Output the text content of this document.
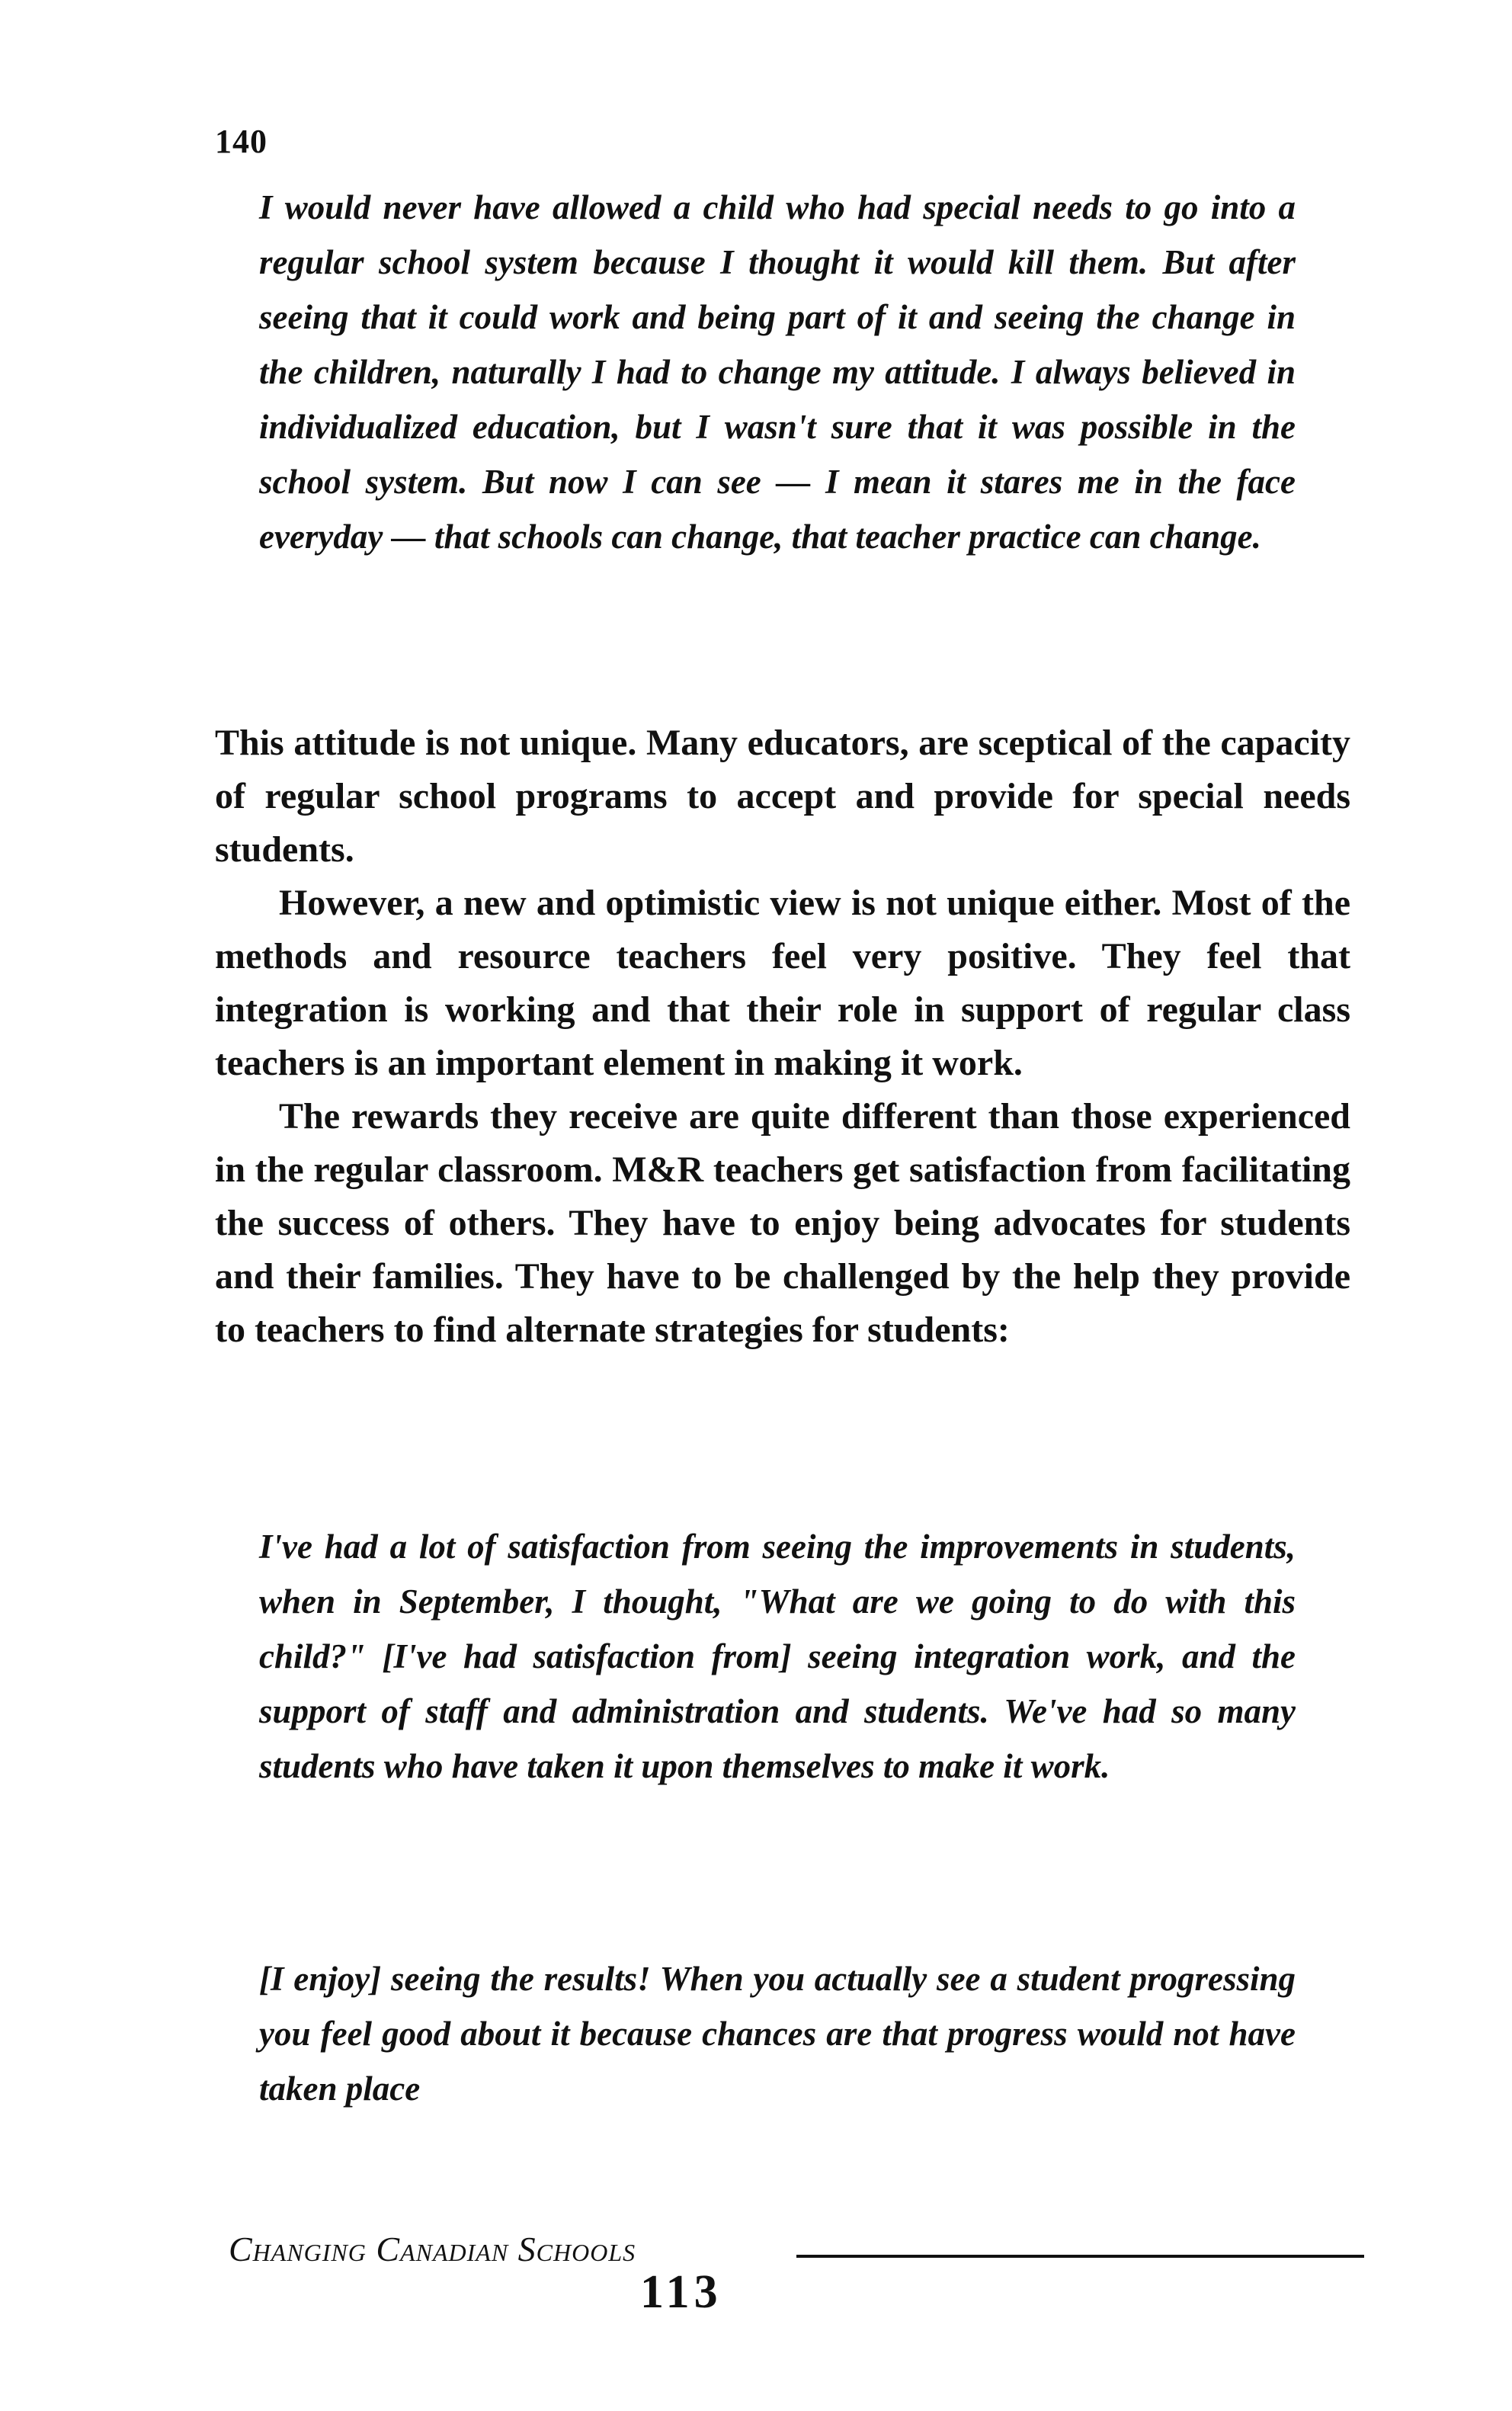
140
I would never have allowed a child who had special needs to go into a regular school system because I thought it would kill them. But after seeing that it could work and being part of it and seeing the change in the children, naturally I had to change my attitude. I always believed in individualized education, but I wasn't sure that it was possible in the school system. But now I can see — I mean it stares me in the face everyday — that schools can change, that teacher practice can change.

This attitude is not unique. Many educators, are sceptical of the capacity of regular school programs to accept and provide for special needs students.

However, a new and optimistic view is not unique either. Most of the methods and resource teachers feel very positive. They feel that integration is working and that their role in support of regular class teachers is an important element in making it work.

The rewards they receive are quite different than those experienced in the regular classroom. M&R teachers get satisfaction from facilitating the success of others. They have to enjoy being advocates for students and their families. They have to be challenged by the help they provide to teachers to find alternate strategies for students:

I've had a lot of satisfaction from seeing the improvements in students, when in September, I thought, "What are we going to do with this child?" [I've had satisfaction from] seeing integration work, and the support of staff and administration and students. We've had so many students who have taken it upon themselves to make it work.
[I enjoy] seeing the results! When you actually see a student progressing you feel good about it because chances are that progress would not have taken place
Changing Canadian Schools
113
